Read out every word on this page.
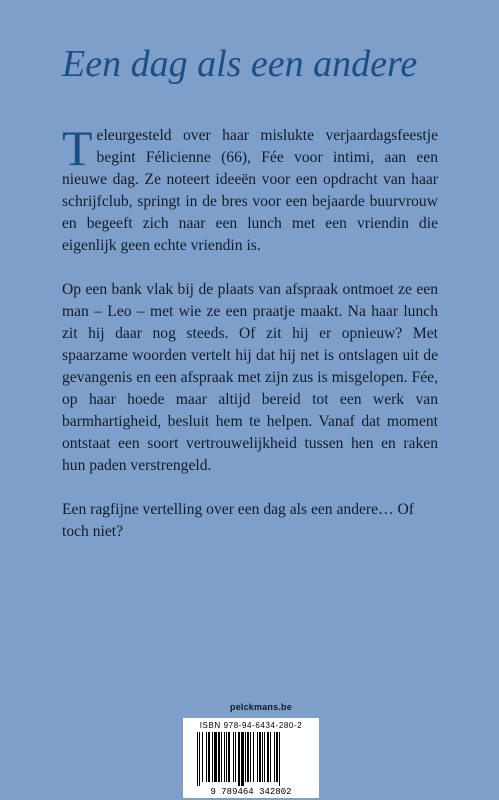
Een dag als een andere

Teleurgesteld over haar mislukte verjaardagsfeestje begint Félicienne (66), Fée voor intimi, aan een nieuwe dag. Ze noteert ideeën voor een opdracht van haar schrijfclub, springt in de bres voor een bejaarde buurvrouw en begeeft zich naar een lunch met een vriendin die eigenlijk geen echte vriendin is.

Op een bank vlak bij de plaats van afspraak ontmoet ze een man – Leo – met wie ze een praatje maakt. Na haar lunch zit hij daar nog steeds. Of zit hij er opnieuw? Met spaarzame woorden vertelt hij dat hij net is ontslagen uit de gevangenis en een afspraak met zijn zus is misgelopen. Fée, op haar hoede maar altijd bereid tot een werk van barmhartigheid, besluit hem te helpen. Vanaf dat moment ontstaat een soort vertrouwelijkheid tussen hen en raken hun paden verstrengeld.

Een ragfijne vertelling over een dag als een andere… Of toch niet?

pelckmans.be
ISBN 978-94-6434-280-2
9 789464 342802
